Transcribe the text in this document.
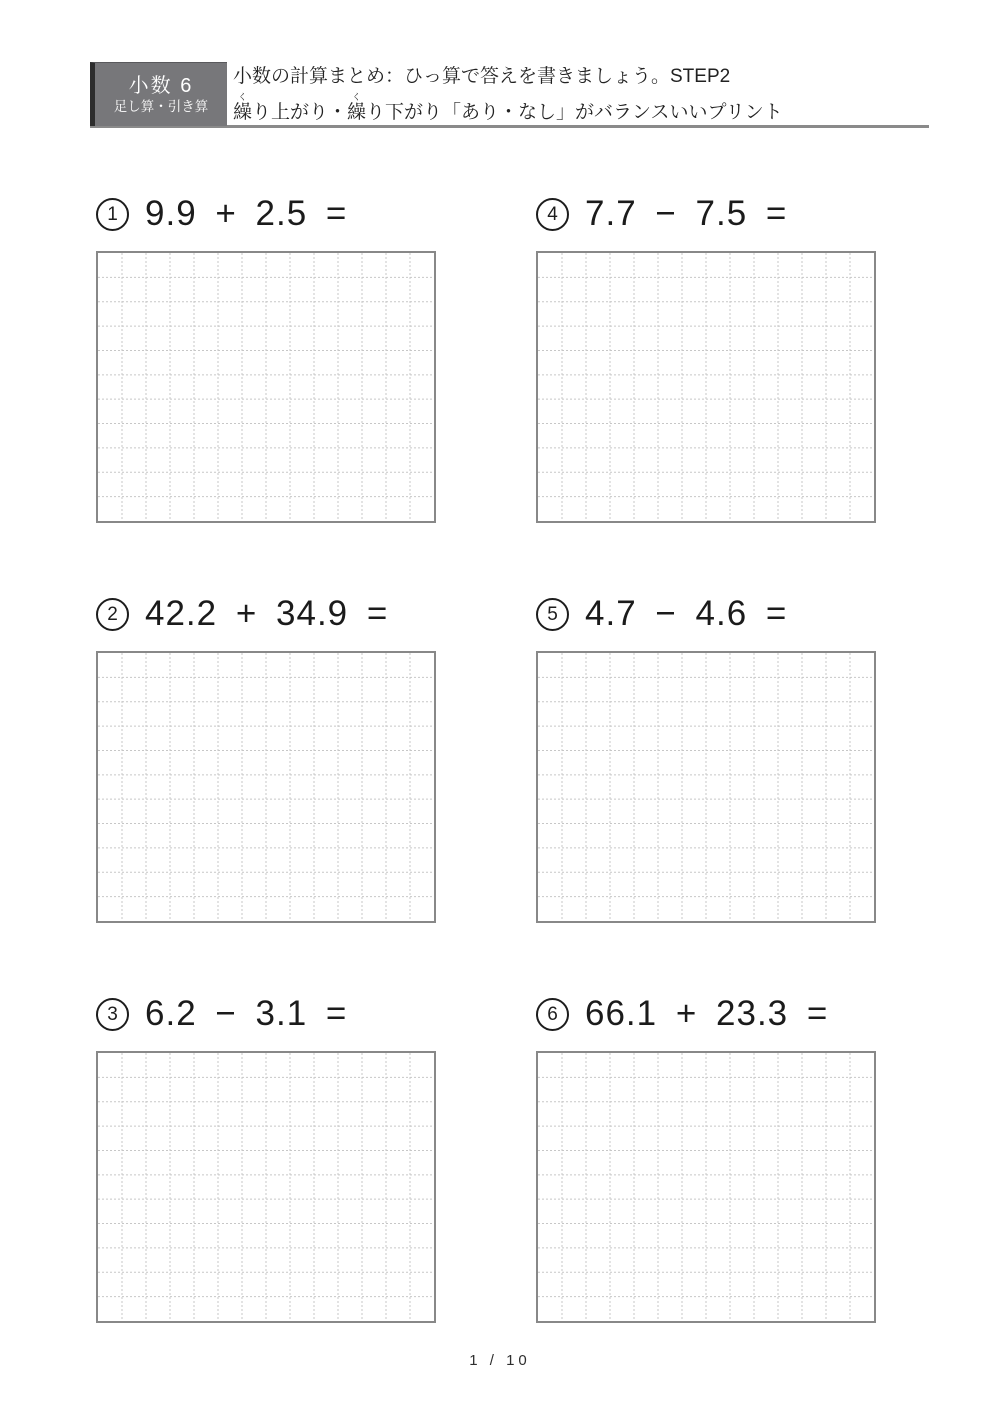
小数 6
足し算・引き算
小数の計算まとめ：ひっ算で答えを書きましょう。STEP2
繰くり上がり・繰くり下がり「あり・なし」がバランスいいプリント
1 9.9 + 2.5 =	4 7.7 − 7.5 =
2 42.2 + 34.9 =	5 4.7 − 4.6 =
3 6.2 − 3.1 =	6 66.1 + 23.3 =
1 / 10
